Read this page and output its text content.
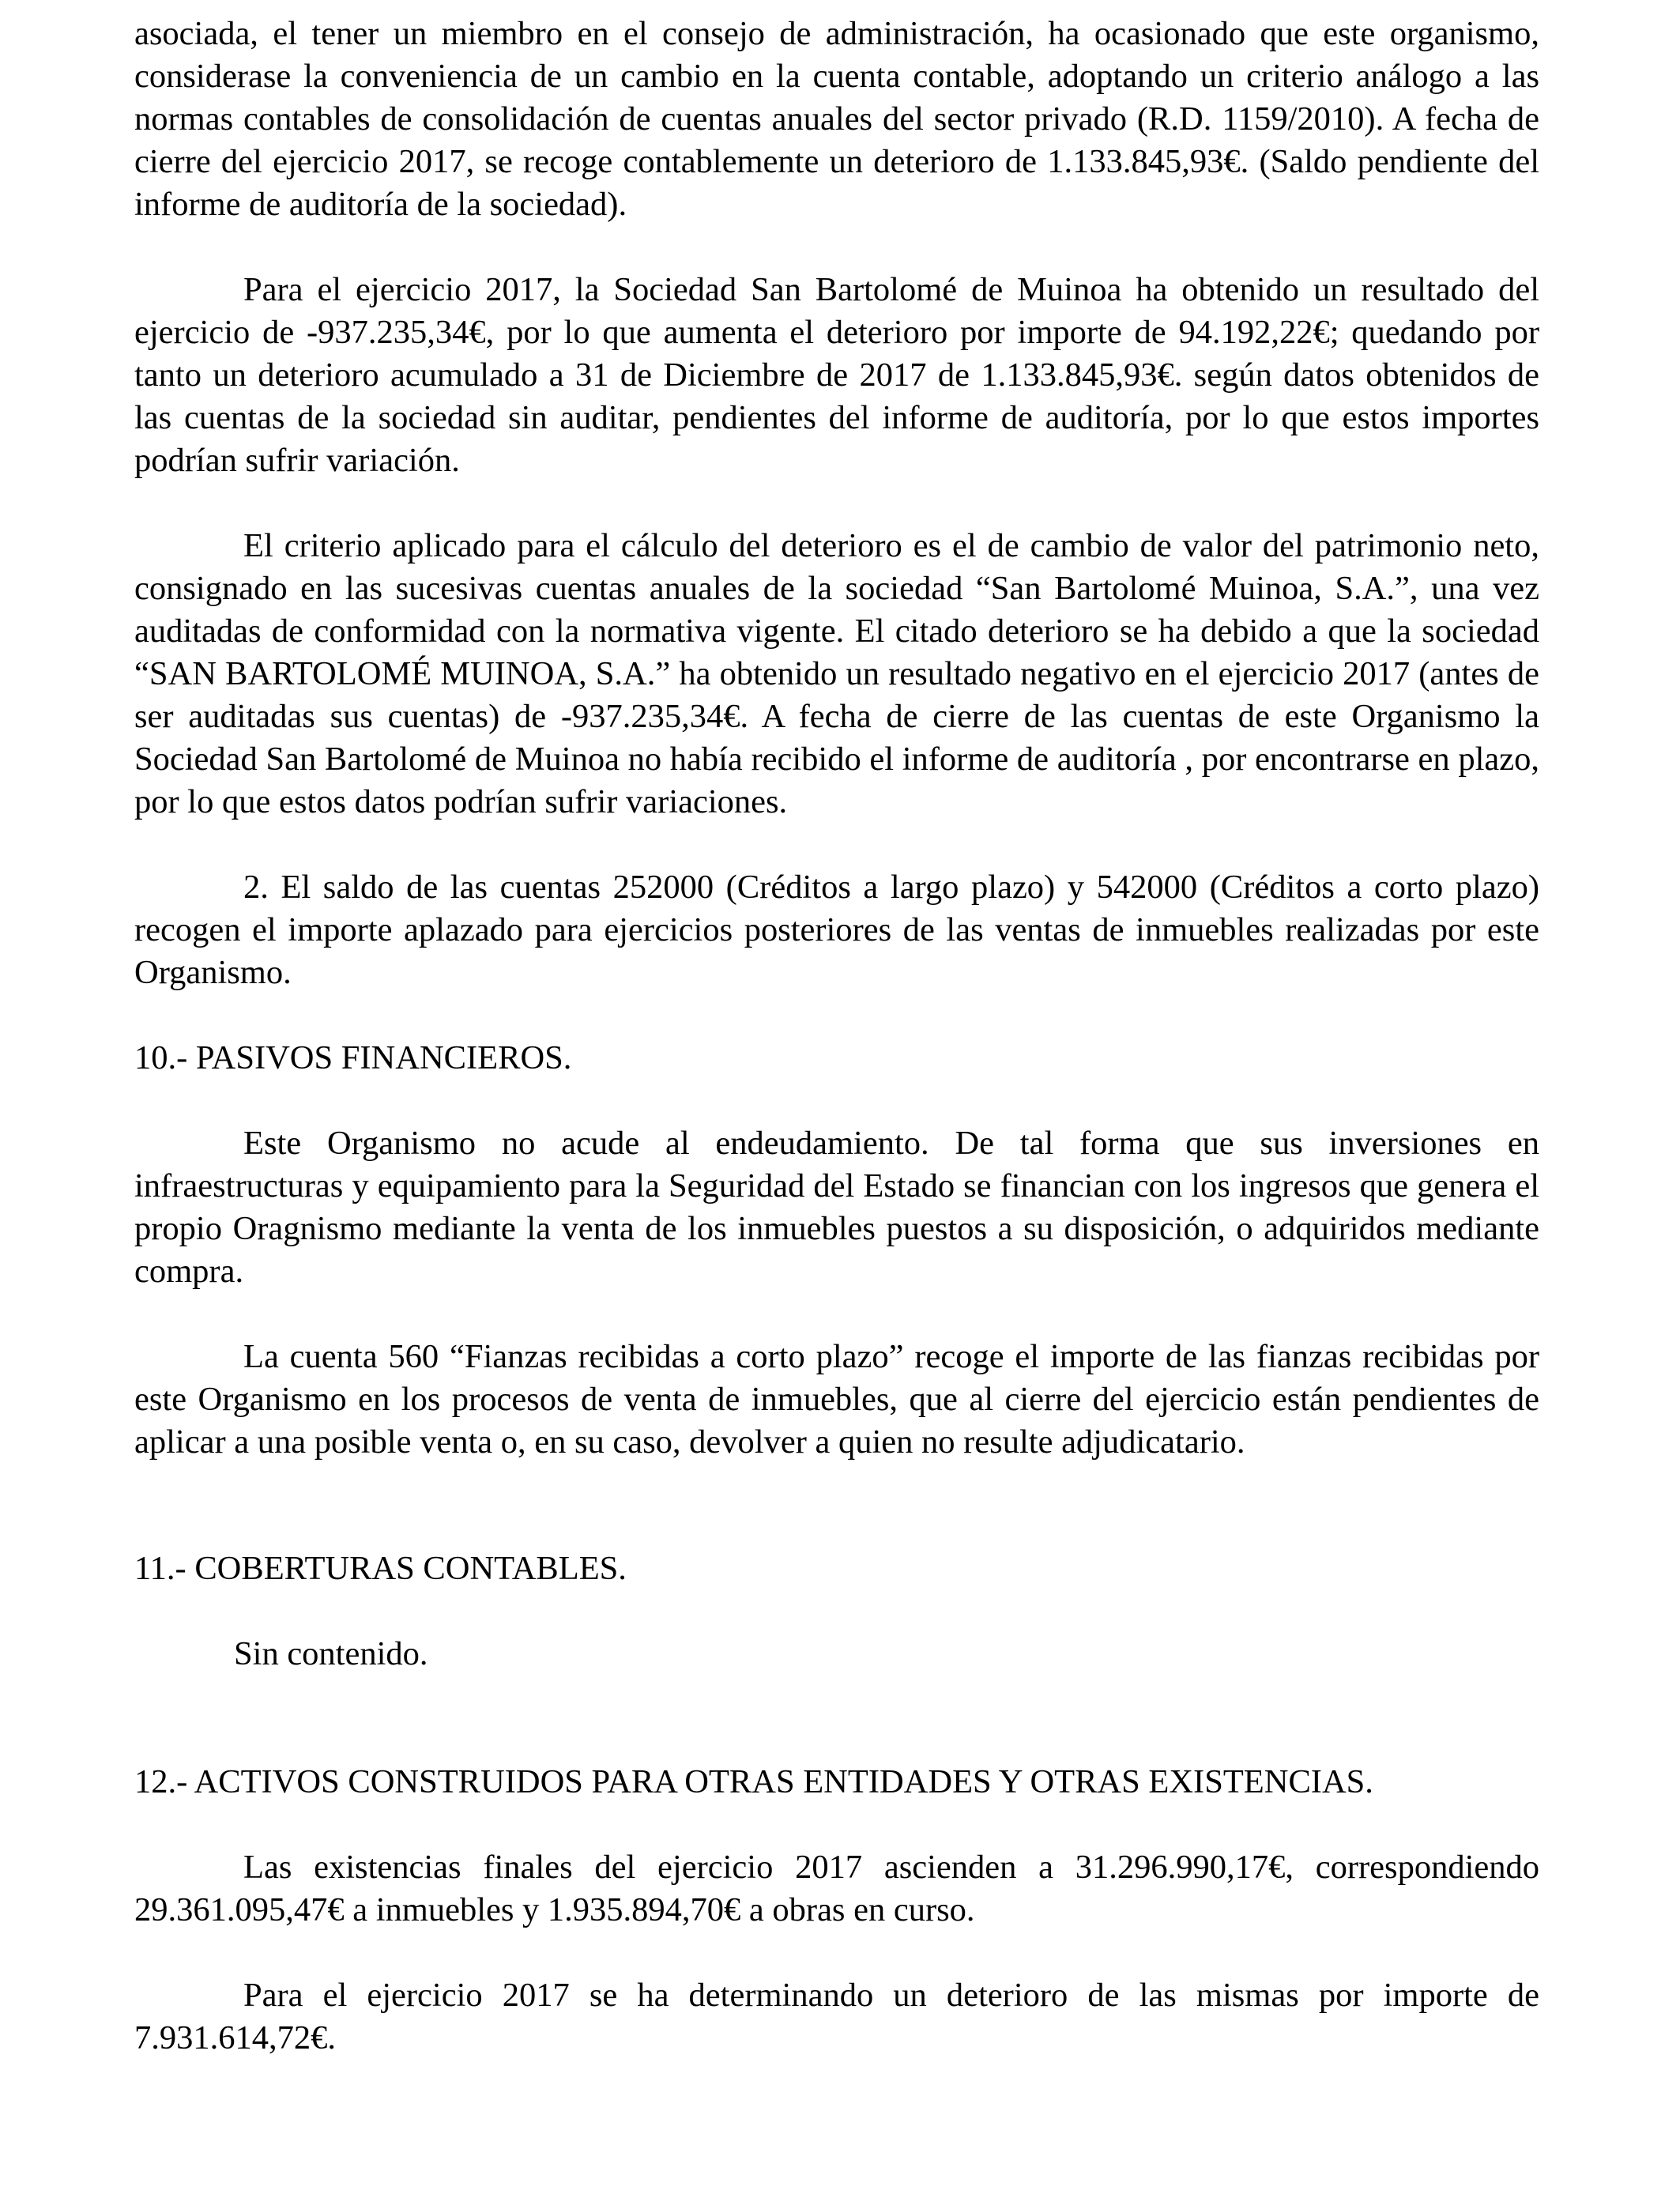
asociada, el tener un miembro en el consejo de administración, ha ocasionado que este organismo, considerase la conveniencia de un cambio en la cuenta contable, adoptando un criterio análogo a las normas contables de consolidación de cuentas anuales del sector privado (R.D. 1159/2010). A fecha de cierre del ejercicio 2017, se recoge contablemente un deterioro de 1.133.845,93€. (Saldo pendiente del informe de auditoría de la sociedad).

Para el ejercicio 2017, la Sociedad San Bartolomé de Muinoa ha obtenido un resultado del ejercicio de -937.235,34€, por lo que aumenta el deterioro por importe de 94.192,22€; quedando por tanto un deterioro acumulado a 31 de Diciembre de 2017 de 1.133.845,93€. según datos obtenidos de las cuentas de la sociedad sin auditar, pendientes del informe de auditoría, por lo que estos importes podrían sufrir variación.

El criterio aplicado para el cálculo del deterioro es el de cambio de valor del patrimonio neto, consignado en las sucesivas cuentas anuales de la sociedad “San Bartolomé Muinoa, S.A.”, una vez auditadas de conformidad con la normativa vigente. El citado deterioro se ha debido a que la sociedad “SAN BARTOLOMÉ MUINOA, S.A.” ha obtenido un resultado negativo en el ejercicio 2017 (antes de ser auditadas sus cuentas) de -937.235,34€. A fecha de cierre de las cuentas de este Organismo la Sociedad San Bartolomé de Muinoa no había recibido el informe de auditoría , por encontrarse en plazo, por lo que estos datos podrían sufrir variaciones.

2. El saldo de las cuentas 252000 (Créditos a largo plazo) y 542000 (Créditos a corto plazo) recogen el importe aplazado para ejercicios posteriores de las ventas de inmuebles realizadas por este Organismo.

10.- PASIVOS FINANCIEROS.

Este Organismo no acude al endeudamiento. De tal forma que sus inversiones en infraestructuras y equipamiento para la Seguridad del Estado se financian con los ingresos que genera el propio Oragnismo mediante la venta de los inmuebles puestos a su disposición, o adquiridos mediante compra.

La cuenta 560 “Fianzas recibidas a corto plazo” recoge el importe de las fianzas recibidas por este Organismo en los procesos de venta de inmuebles, que al cierre del ejercicio están pendientes de aplicar a una posible venta o, en su caso, devolver a quien no resulte adjudicatario.

11.- COBERTURAS CONTABLES.

Sin contenido.

12.- ACTIVOS CONSTRUIDOS PARA OTRAS ENTIDADES Y OTRAS EXISTENCIAS.

Las existencias finales del ejercicio 2017 ascienden a 31.296.990,17€, correspondiendo 29.361.095,47€ a inmuebles y 1.935.894,70€ a obras en curso.

Para el ejercicio 2017 se ha determinando un deterioro de las mismas por importe de 7.931.614,72€.
